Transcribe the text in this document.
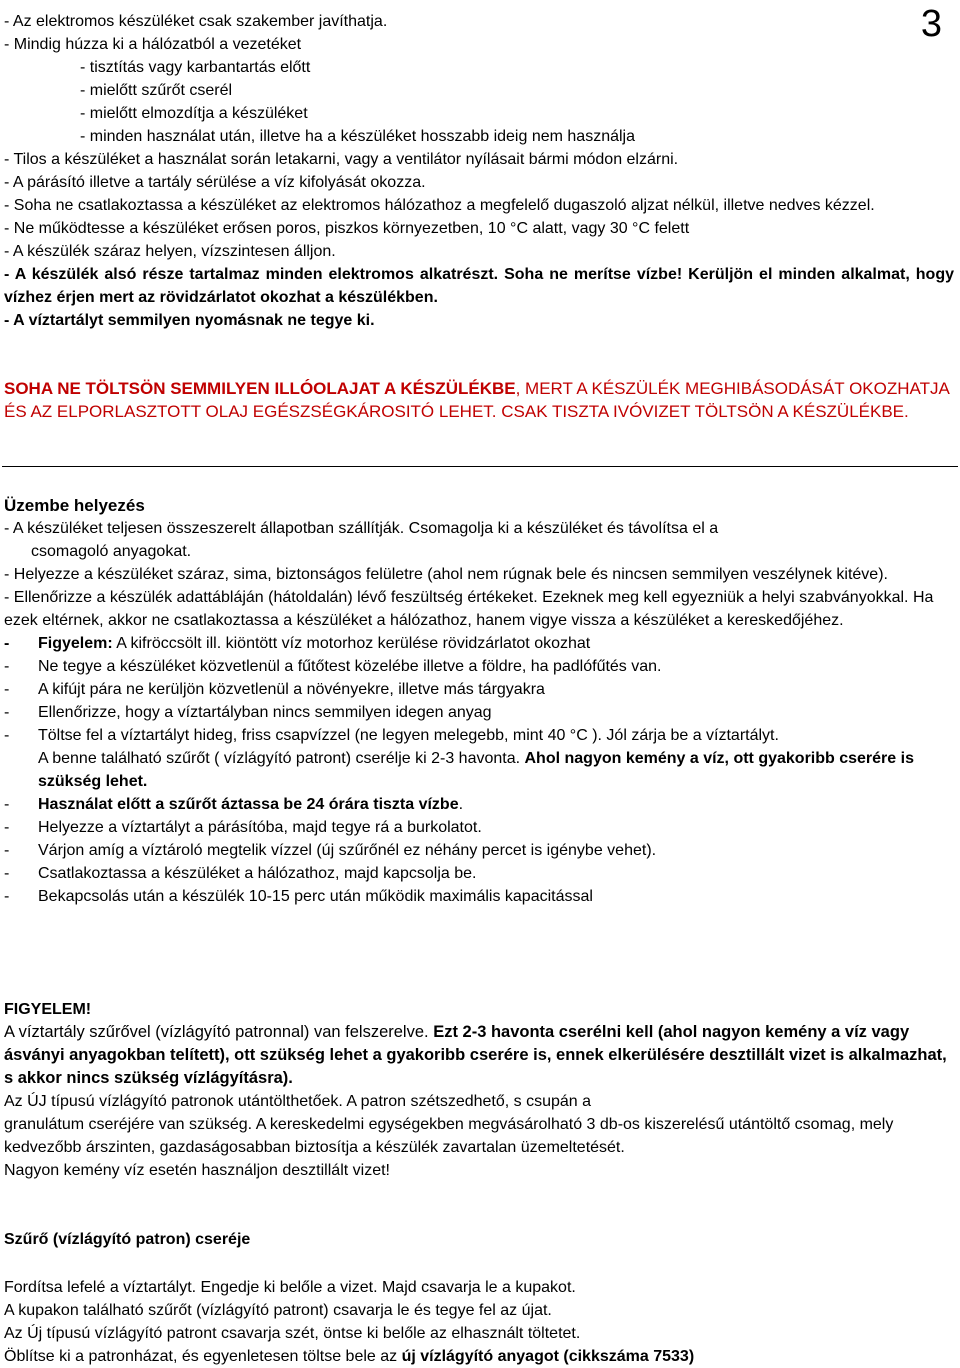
3
- Az elektromos készüléket csak szakember javíthatja.
- Mindig húzza ki a hálózatból a vezetéket
- tisztítás vagy karbantartás előtt
- mielőtt szűrőt cserél
- mielőtt elmozdítja a készüléket
- minden használat után, illetve ha a készüléket hosszabb ideig nem használja
- Tilos a készüléket a használat során letakarni, vagy a ventilátor nyílásait bármi módon elzárni.
- A párásító illetve a tartály sérülése a víz kifolyását okozza.
- Soha ne csatlakoztassa a készüléket az elektromos hálózathoz a megfelelő dugaszoló aljzat nélkül, illetve nedves kézzel.
- Ne működtesse a készüléket erősen poros, piszkos környezetben, 10 °C alatt, vagy 30 °C felett
- A készülék száraz helyen, vízszintesen álljon.
- A készülék alsó része tartalmaz minden elektromos alkatrészt. Soha ne merítse vízbe! Kerüljön el minden alkalmat, hogy vízhez érjen mert az rövidzárlatot okozhat a készülékben.
- A víztartályt semmilyen nyomásnak ne tegye ki.
SOHA NE TÖLTSÖN SEMMILYEN ILLÓOLAJAT A KÉSZÜLÉKBE, MERT A KÉSZÜLÉK MEGHIBÁSODÁSÁT OKOZHATJA ÉS AZ ELPORLASZTOTT OLAJ EGÉSZSÉGKÁROSITÓ LEHET. CSAK TISZTA IVÓVIZET TÖLTSÖN A KÉSZÜLÉKBE.
Üzembe helyezés
- A készüléket teljesen összeszerelt állapotban szállítják. Csomagolja ki a készüléket és távolítsa el a
csomagoló anyagokat.
- Helyezze a készüléket száraz, sima, biztonságos felületre (ahol nem rúgnak bele és nincsen semmilyen veszélynek kitéve).
- Ellenőrizze a készülék adattábláján (hátoldalán) lévő feszültség értékeket. Ezeknek meg kell egyezniük a helyi szabványokkal. Ha ezek eltérnek, akkor ne csatlakoztassa a készüléket a hálózathoz, hanem vigye vissza a készüléket a kereskedőjéhez.
-	Figyelem: A kifröccsölt ill. kiöntött víz motorhoz kerülése rövidzárlatot okozhat
-	Ne tegye a készüléket közvetlenül a fűtőtest közelébe illetve a földre, ha padlófűtés van.
-	A kifújt pára ne kerüljön közvetlenül a növényekre, illetve más tárgyakra
-	Ellenőrizze, hogy a víztartályban nincs semmilyen idegen anyag
-	Töltse fel a víztartályt hideg, friss csapvízzel (ne legyen melegebb, mint 40 °C ). Jól zárja be a víztartályt.
A benne található szűrőt ( vízlágyító patront) cserélje ki 2-3 havonta. Ahol nagyon kemény a víz, ott gyakoribb cserére is szükség lehet.
-	Használat előtt a szűrőt áztassa be 24 órára tiszta vízbe.
-	Helyezze a víztartályt a párásítóba, majd tegye rá a burkolatot.
-	Várjon amíg a víztároló megtelik vízzel (új szűrőnél ez néhány percet is igénybe vehet).
-	Csatlakoztassa a készüléket a hálózathoz, majd kapcsolja be.
-	Bekapcsolás után a készülék 10-15 perc után működik maximális kapacitással
FIGYELEM!
A víztartály szűrővel (vízlágyító patronnal) van felszerelve. Ezt 2-3 havonta cserélni kell (ahol nagyon kemény a víz vagy ásványi anyagokban telített), ott szükség lehet a gyakoribb cserére is, ennek elkerülésére desztillált vizet is alkalmazhat, s akkor nincs szükség vízlágyításra).
Az ÚJ típusú vízlágyító patronok utántölthetőek. A patron szétszedhető, s csupán a
granulátum cseréjére van szükség. A kereskedelmi egységekben megvásárolható 3 db-os kiszerelésű utántöltő csomag, mely kedvezőbb árszinten, gazdaságosabban biztosítja a készülék zavartalan üzemeltetését.
Nagyon kemény víz esetén használjon desztillált vizet!
Szűrő (vízlágyító patron) cseréje
Fordítsa lefelé a víztartályt. Engedje ki belőle a vizet. Majd csavarja le a kupakot.
A kupakon található szűrőt (vízlágyító patront) csavarja le és tegye fel az újat.
Az Új típusú vízlágyító patront csavarja szét, öntse ki belőle az elhasznált töltetet.
Öblítse ki a patronházat, és egyenletesen töltse bele az új vízlágyító anyagot (cikkszáma 7533)
